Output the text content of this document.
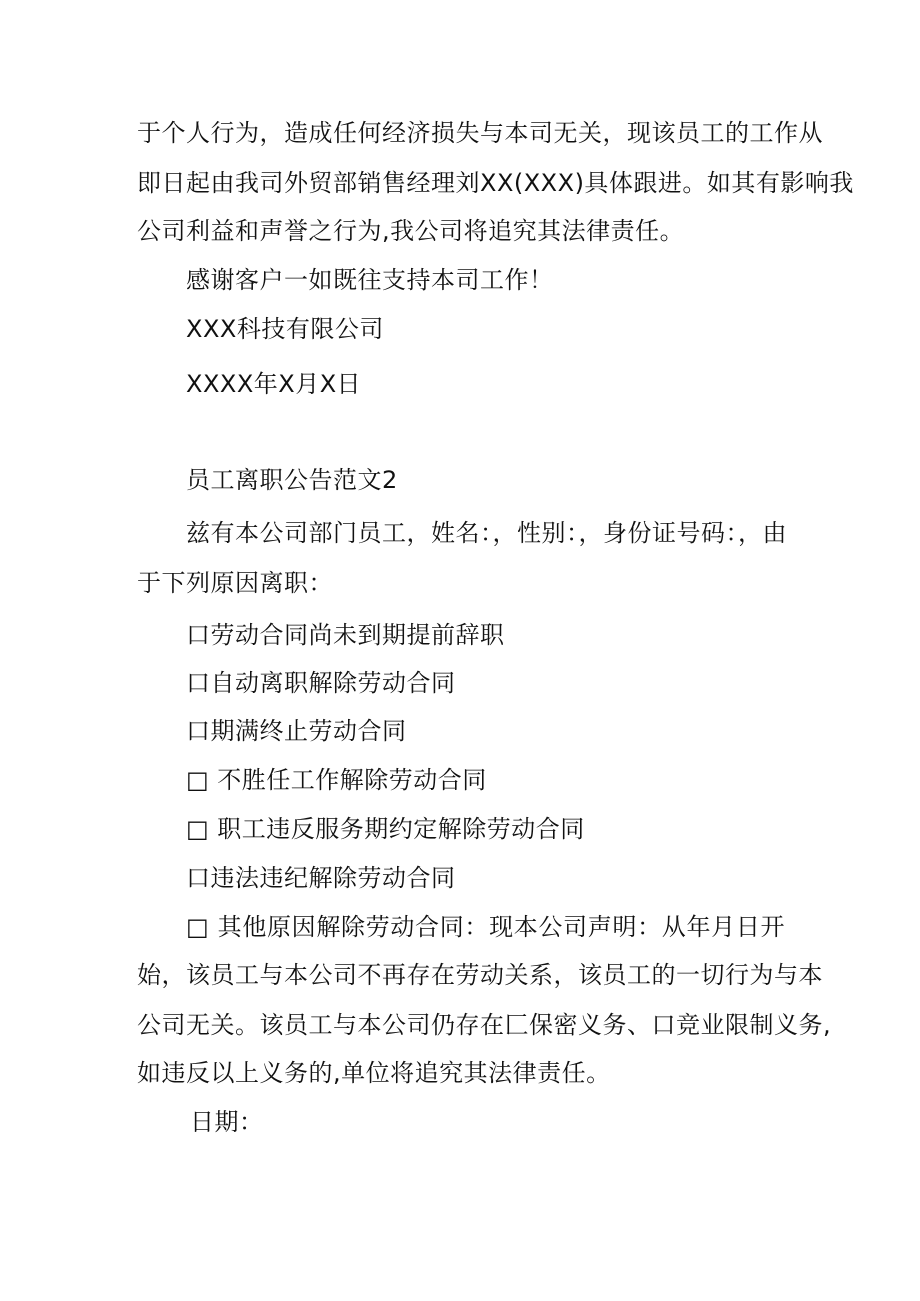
于个人行为，造成任何经济损失与本司无关，现该员工的工作从
即日起由我司外贸部销售经理刘XX(XXX)具体跟进。如其有影响我
公司利益和声誉之行为,我公司将追究其法律责任。
感谢客户一如既往支持本司工作！
XXX科技有限公司
XXXX年X月X日
员工离职公告范文2
兹有本公司部门员工，姓名：，性别：，身份证号码：，由
于下列原因离职：
口劳动合同尚未到期提前辞职
口自动离职解除劳动合同
口期满终止劳动合同
□ 不胜任工作解除劳动合同
□ 职工违反服务期约定解除劳动合同
口违法违纪解除劳动合同
□ 其他原因解除劳动合同：现本公司声明：从年月日开
始，该员工与本公司不再存在劳动关系，该员工的一切行为与本
公司无关。该员工与本公司仍存在匚保密义务、口竞业限制义务,
如违反以上义务的,单位将追究其法律责任。
日期：
